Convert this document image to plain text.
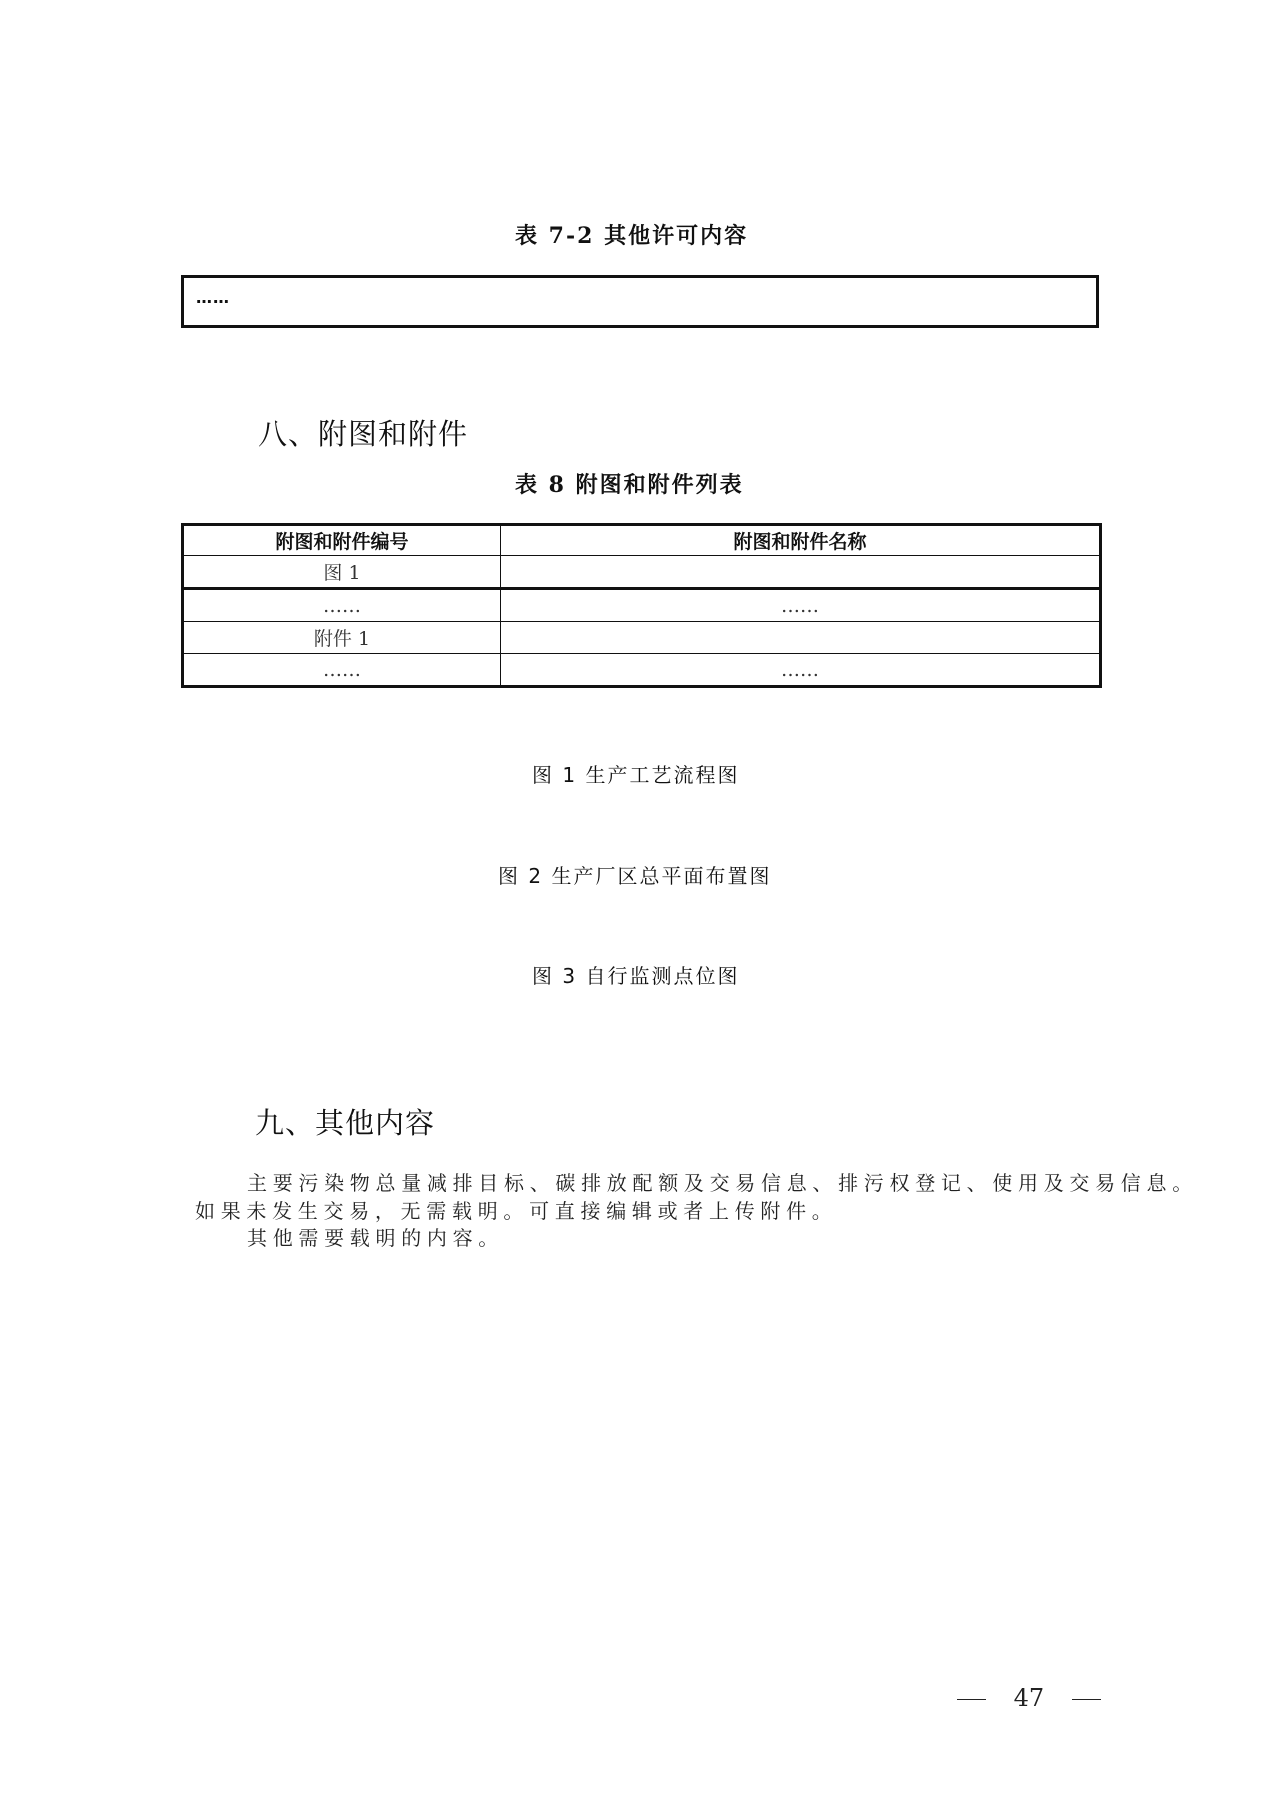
表 7-2 其他许可内容
……
八、附图和附件
表 8 附图和附件列表
附图和附件编号	附图和附件名称
图 1	
……	……
附件 1	
……	……
图 1 生产工艺流程图
图 2 生产厂区总平面布置图
图 3 自行监测点位图
九、其他内容
主要污染物总量减排目标、碳排放配额及交易信息、排污权登记、使用及交易信息。
如果未发生交易，无需载明。可直接编辑或者上传附件。
其他需要载明的内容。
47
